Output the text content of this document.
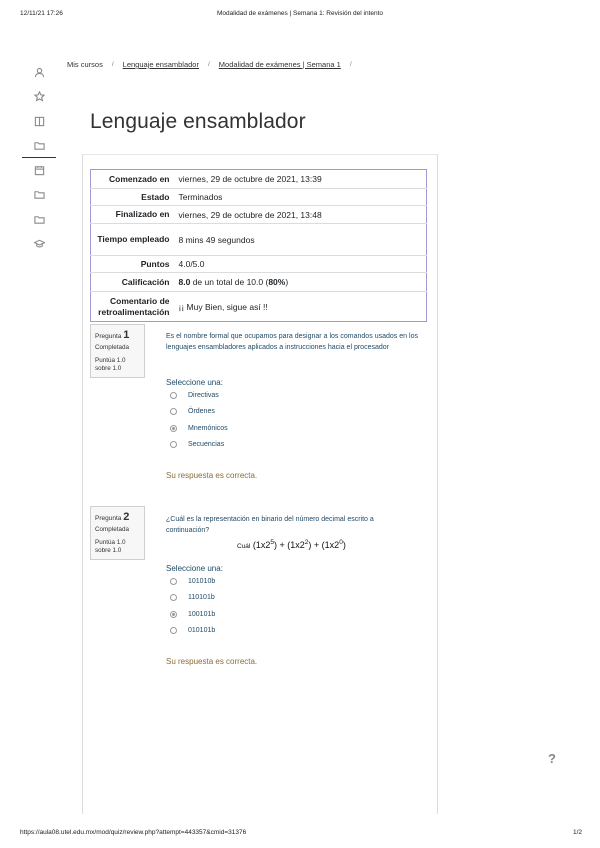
12/11/21 17:26	Modalidad de exámenes | Semana 1: Revisión del intento
Mis cursos / Lenguaje ensamblador / Modalidad de exámenes | Semana 1 /
Lenguaje ensamblador
Comenzado en	viernes, 29 de octubre de 2021, 13:39
Estado	Terminados
Finalizado en	viernes, 29 de octubre de 2021, 13:48
Tiempo empleado	8 mins 49 segundos
Puntos	4.0/5.0
Calificación	8.0 de un total de 10.0 (80%)
Comentario de retroalimentación	¡¡ Muy Bien, sigue así !!
Pregunta 1
Completada
Puntúa 1.0 sobre 1.0
Es el nombre formal que ocupamos para designar a los comandos usados en los lenguajes ensambladores aplicados a instrucciones hacia el procesador
Seleccione una:
Directivas
Órdenes
Mnemónicos
Secuencias
Su respuesta es correcta.
Pregunta 2
Completada
Puntúa 1.0 sobre 1.0
¿Cuál es la representación en binario del número decimal escrito a continuación?
Cuál $(1x2^5) + (1x2^2) + (1x2^0)$
Seleccione una:
101010b
110101b
100101b
010101b
Su respuesta es correcta.
?
https://aula08.utel.edu.mx/mod/quiz/review.php?attempt=443357&cmid=31376	1/2
